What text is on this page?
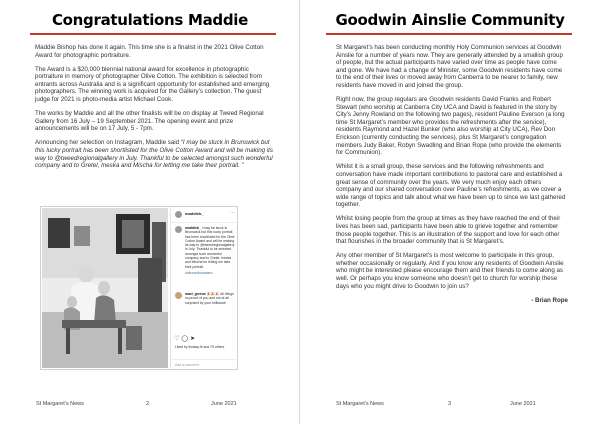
Congratulations Maddie

Maddie Bishop has done it again. This time she is a finalist in the 2021 Olive Cotton Award for photographic portraiture.

The Award is a $20,000 biennial national award for excellence in photographic portraiture in memory of photographer Olive Cotton. The exhibition is selected from entrants across Australia and is a significant opportunity for established and emerging photographers. The winning work is acquired for the Gallery’s collection. The guest judge for 2021 is photo-media artist Michael Cook.

The works by Maddie and all the other finalists will be on display at Tweed Regional Gallery from 16 July – 19 September 2021. The opening event and prize announcements will be on 17 July, 5 - 7pm.

Announcing her selection on Instagram, Maddie said “I may be stuck in Brunswick but this lucky portrait has been shortlisted for the Olive Cotton Award and will be making its way to @tweedregionalgallery in July. Thankful to be selected amongst such wonderful company and to Gretel, Ineska and Mischa for letting me take their portrait. ”

maddieb_	···

maddieb_ I may be stuck in Brunswick but this lucky portrait has been shortlisted for the Olive Cotton Award and will be making its way to @tweedregionalgallery in July. Thankful to be selected amongst such wonderful company and to Gretel, Ineska and Mischa for letting me take their portrait.

#olivecottonaward

maxi_greene 🎉🎉🎉 All things so proud of you and not at all surprised by your brilliance!

♡◯➤
Liked by lindsay.th and 75 others
Add a comment...
St Margaret’s News	2	June 2021
Goodwin Ainslie Community

St Margaret’s has been conducting monthly Holy Communion services at Goodwin Ainslie for a number of years now. They are generally attended by a smallish group of people, but the actual participants have varied over time as people have come and gone. We have had a change of Minister, some Goodwin residents have come to the end of their lives or moved away from Canberra to be nearer to family, new residents have moved in and joined the group.

Right now, the group regulars are Goodwin residents David Franks and Robert Stewart (who worship at Canberra City UCA and David is featured in the story by City’s Jenny Rowland on the following two pages), resident Pauline Everson (a long time St Margaret’s member who provides the refreshments after the service), residents Raymond and Hazel Bunker (who also worship at City UCA), Rev Don Erickson (currently conducting the services), plus St Margaret’s congregation members Judy Baker, Robyn Swadling and Brian Rope (who provide the elements for Communion).

Whilst it is a small group, these services and the following refreshments and conversation have made important contributions to pastoral care and established a great sense of community over the years. We very much enjoy each others company and our shared conversation over Pauline’s refreshments, as we cover a wide range of topics and talk about what we have been up to since we last gathered together.

Whilst losing people from the group at times as they have reached the end of their lives has been sad, participants have been able to grieve together and remember those people together. This is an illustration of the support and love for each other that flourishes in the broader community that is St Margaret’s.

Any other member of St Margaret’s is most welcome to participate in this group, whether occasionally or regularly. And if you know any residents of Goodwin Ainslie who might be interested please encourage them and their friends to come along as well. Or perhaps you know someone who doesn’t get to church for worship these days who you might drive to Goodwin to join us?

- Brian Rope
St Margaret’s News	3	June 2021
